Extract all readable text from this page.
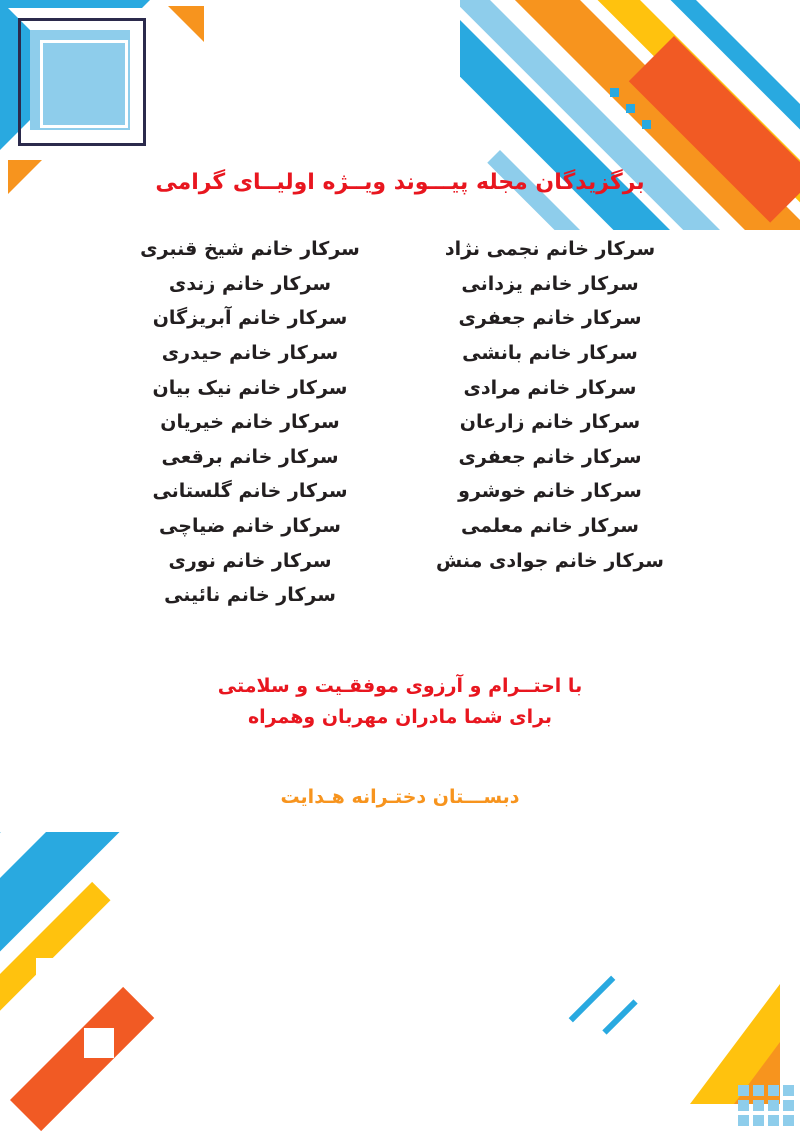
برگزیدگان مجله پیـــوند ویــژه اولیــای گرامی
سرکار خانم نجمی نژاد
سرکار خانم یزدانی
سرکار خانم جعفری
سرکار خانم بانشی
سرکار خانم مرادی
سرکار خانم زارعان
سرکار خانم جعفری
سرکار خانم خوشرو
سرکار خانم معلمی
سرکار خانم جوادی منش
سرکار خانم شیخ قنبری
سرکار خانم زندی
سرکار خانم آبریزگان
سرکار خانم حیدری
سرکار خانم نیک بیان
سرکار خانم خیریان
سرکار خانم برقعی
سرکار خانم گلستانی
سرکار خانم ضیاچی
سرکار خانم نوری
سرکار خانم نائینی
با احتــرام و آرزوی موفقـیت و سلامتی
برای شما مادران مهربان وهمراه
دبســـتان دختـرانه هـدایت
